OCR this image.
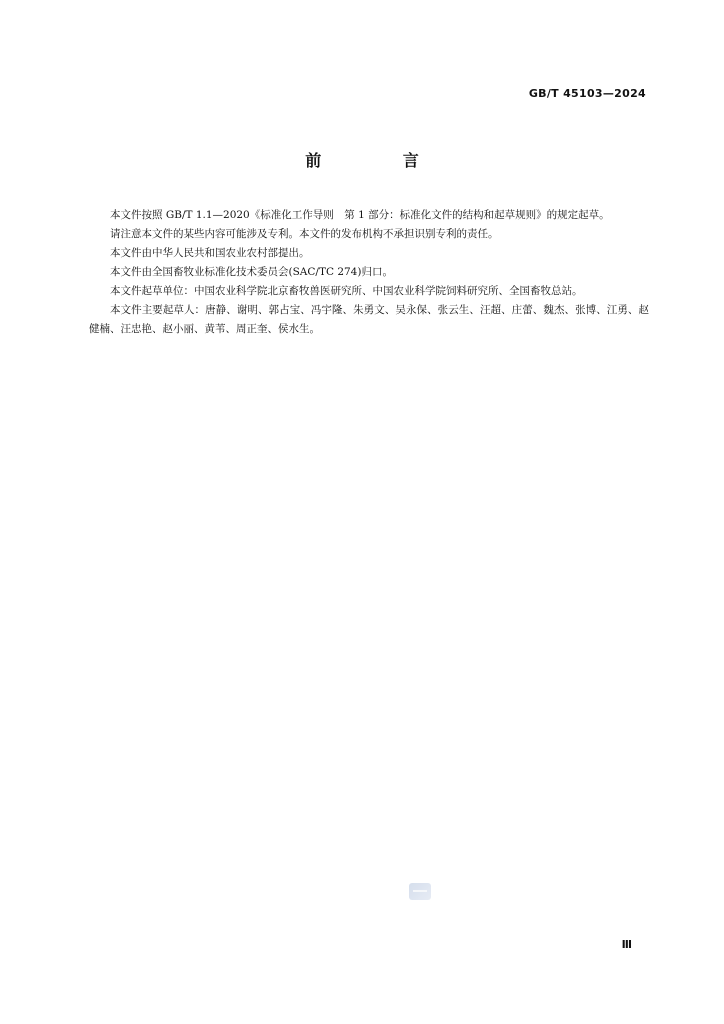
GB/T 45103—2024
前 言

本文件按照 GB/T 1.1—2020《标准化工作导则　第 1 部分：标准化文件的结构和起草规则》的规定起草。

请注意本文件的某些内容可能涉及专利。本文件的发布机构不承担识别专利的责任。

本文件由中华人民共和国农业农村部提出。

本文件由全国畜牧业标准化技术委员会(SAC/TC 274)归口。

本文件起草单位：中国农业科学院北京畜牧兽医研究所、中国农业科学院饲料研究所、全国畜牧总站。

本文件主要起草人：唐静、谢明、郭占宝、冯宇隆、朱勇文、吴永保、张云生、汪超、庄蕾、魏杰、张博、江勇、赵健楠、汪忠艳、赵小丽、黄苇、周正奎、侯水生。

Ⅲ
